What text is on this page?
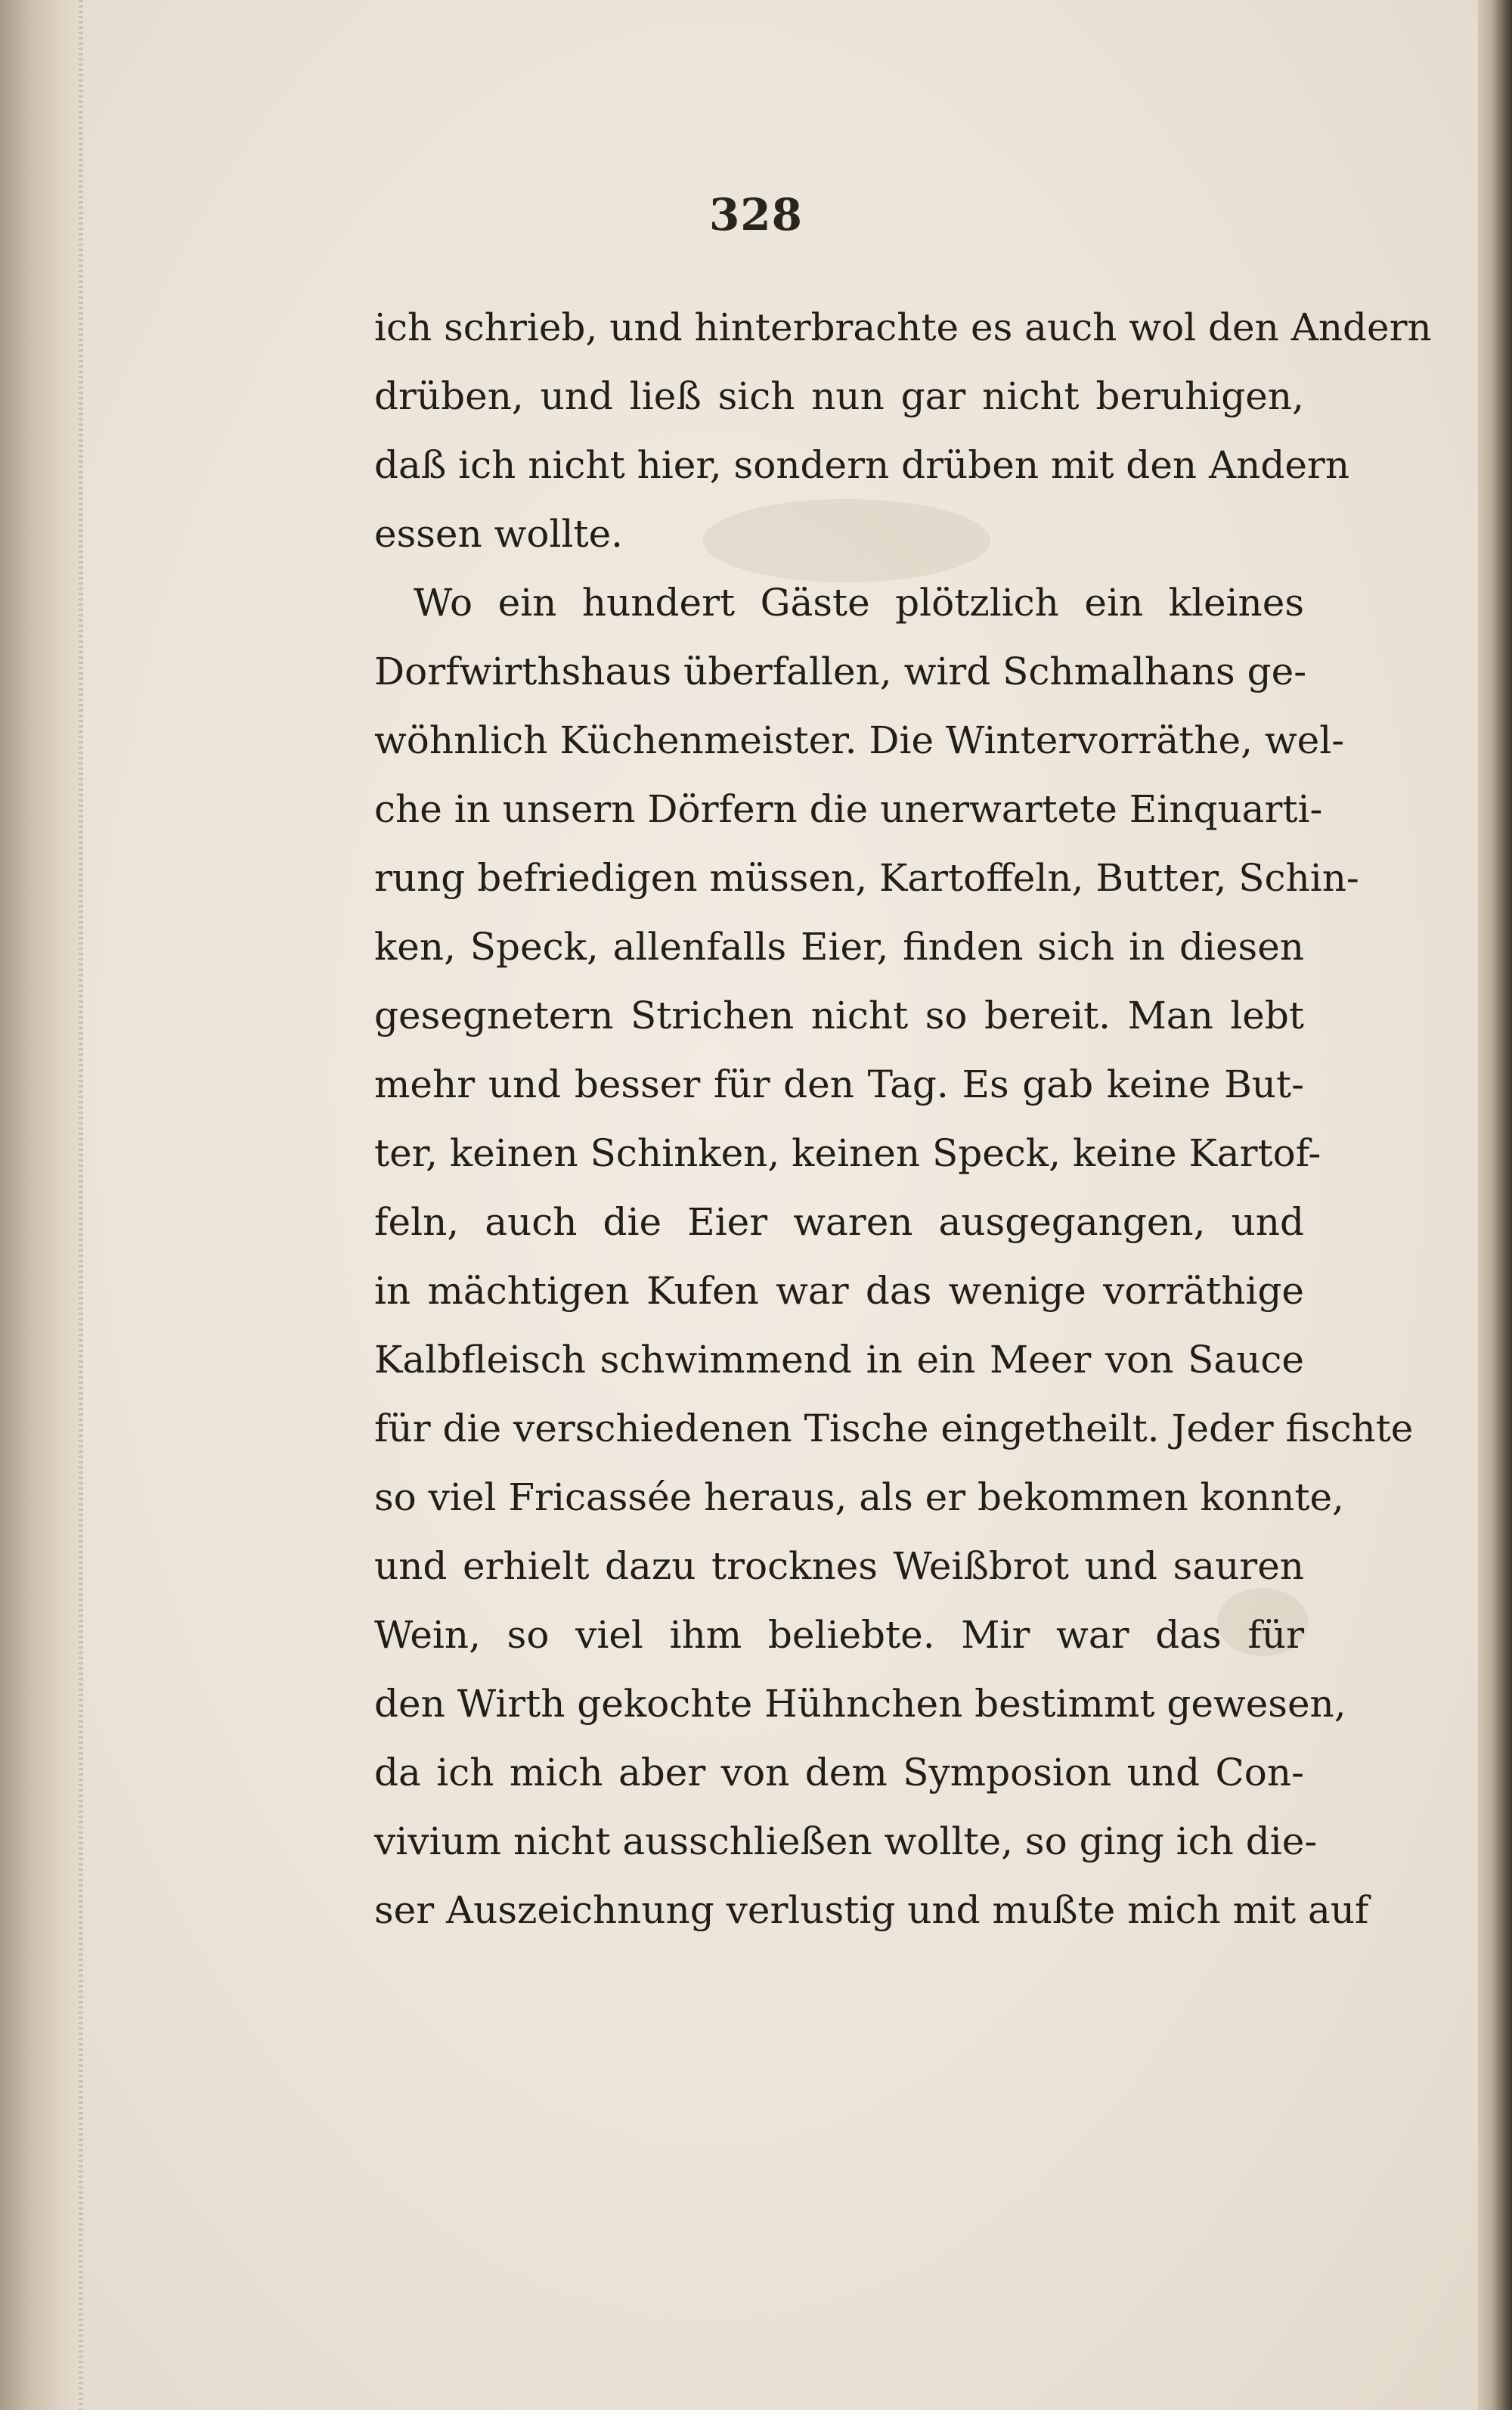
328
ich schrieb, und hinterbrachte es auch wol den Andern
drüben, und ließ sich nun gar nicht beruhigen,
daß ich nicht hier, sondern drüben mit den Andern
essen wollte.
Wo ein hundert Gäste plötzlich ein kleines
Dorfwirthshaus überfallen, wird Schmalhans ge-
wöhnlich Küchenmeister. Die Wintervorräthe, wel-
che in unsern Dörfern die unerwartete Einquarti-
rung befriedigen müssen, Kartoffeln, Butter, Schin-
ken, Speck, allenfalls Eier, finden sich in diesen
gesegnetern Strichen nicht so bereit. Man lebt
mehr und besser für den Tag. Es gab keine But-
ter, keinen Schinken, keinen Speck, keine Kartof-
feln, auch die Eier waren ausgegangen, und
in mächtigen Kufen war das wenige vorräthige
Kalbfleisch schwimmend in ein Meer von Sauce
für die verschiedenen Tische eingetheilt. Jeder fischte
so viel Fricassée heraus, als er bekommen konnte,
und erhielt dazu trocknes Weißbrot und sauren
Wein, so viel ihm beliebte. Mir war das für
den Wirth gekochte Hühnchen bestimmt gewesen,
da ich mich aber von dem Symposion und Con-
vivium nicht ausschließen wollte, so ging ich die-
ser Auszeichnung verlustig und mußte mich mit auf
